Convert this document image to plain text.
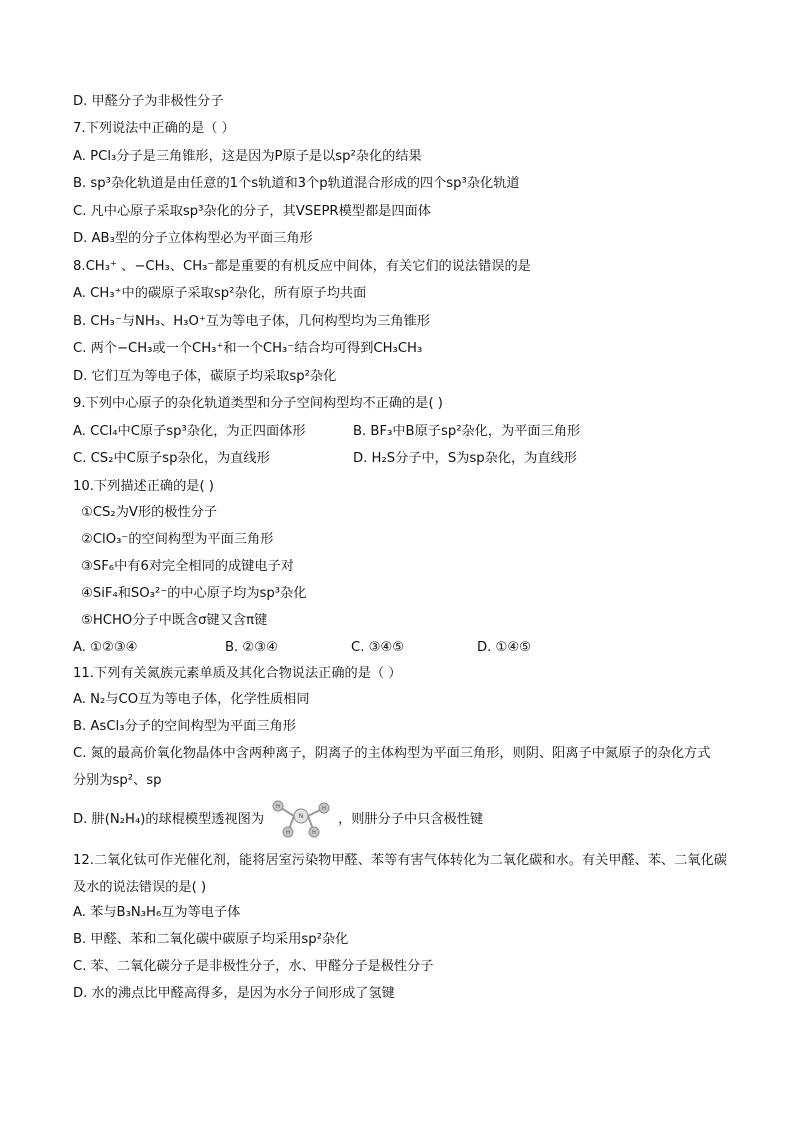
D. 甲醛分子为非极性分子
7.下列说法中正确的是（ ）
A. PCl₃分子是三角锥形，这是因为P原子是以sp²杂化的结果
B. sp³杂化轨道是由任意的1个s轨道和3个p轨道混合形成的四个sp³杂化轨道
C. 凡中心原子采取sp³杂化的分子，其VSEPR模型都是四面体
D. AB₃型的分子立体构型必为平面三角形
8.CH₃⁺ 、−CH₃、CH₃⁻都是重要的有机反应中间体，有关它们的说法错误的是
A. CH₃⁺中的碳原子采取sp²杂化，所有原子均共面
B. CH₃⁻与NH₃、H₃O⁺互为等电子体，几何构型均为三角锥形
C. 两个−CH₃或一个CH₃⁺和一个CH₃⁻结合均可得到CH₃CH₃
D. 它们互为等电子体，碳原子均采取sp²杂化
9.下列中心原子的杂化轨道类型和分子空间构型均不正确的是( )
A. CCl₄中C原子sp³杂化，为正四面体形	B. BF₃中B原子sp²杂化，为平面三角形
C. CS₂中C原子sp杂化，为直线形	D. H₂S分子中，S为sp杂化，为直线形
10.下列描述正确的是( )
①CS₂为V形的极性分子
②ClO₃⁻的空间构型为平面三角形
③SF₆中有6对完全相同的成键电子对
④SiF₄和SO₃²⁻的中心原子均为sp³杂化
⑤HCHO分子中既含σ键又含π键
A. ①②③④	B. ②③④	C. ③④⑤	D. ①④⑤
11.下列有关氮族元素单质及其化合物说法正确的是（ ）
A. N₂与CO互为等电子体，化学性质相同
B. AsCl₃分子的空间构型为平面三角形
C. 氮的最高价氧化物晶体中含两种离子，阴离子的主体构型为平面三角形，则阴、阳离子中氮原子的杂化方式分别为sp²、sp
D. 肼(N₂H₄)的球棍模型透视图为
H
H
H
H
N	，则肼分子中只含极性键
12.二氧化钛可作光催化剂，能将居室污染物甲醛、苯等有害气体转化为二氧化碳和水。有关甲醛、苯、二氧化碳及水的说法错误的是( )
A. 苯与B₃N₃H₆互为等电子体
B. 甲醛、苯和二氧化碳中碳原子均采用sp²杂化
C. 苯、二氧化碳分子是非极性分子，水、甲醛分子是极性分子
D. 水的沸点比甲醛高得多，是因为水分子间形成了氢键
